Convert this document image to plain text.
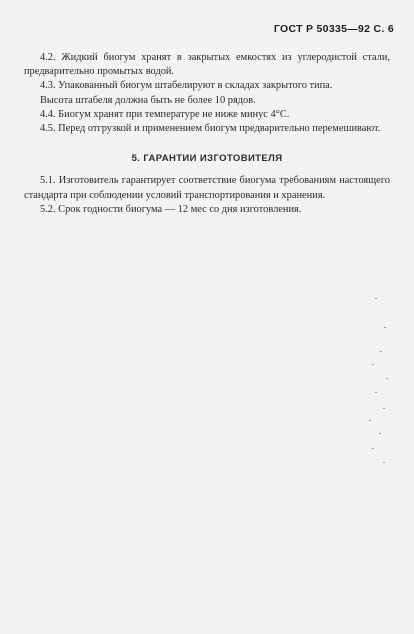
ГОСТ Р 50335—92 С. 6

4.2. Жидкий биогум хранят в закрытых емкостях из углеродистой стали, предварительно промытых водой.

4.3. Упакованный биогум штабелируют в складах закрытого типа.

Высота штабеля должна быть не более 10 рядов.

4.4. Биогум хранят при температуре не ниже минус 4°С.

4.5. Перед отгрузкой и применением биогум предварительно перемешивают.

5. ГАРАНТИИ ИЗГОТОВИТЕЛЯ

5.1. Изготовитель гарантирует соответствие биогума требованиям настоящего стандарта при соблюдении условий транспортирования и хранения.

5.2. Срок годности биогума — 12 мес со дня изготовления.
